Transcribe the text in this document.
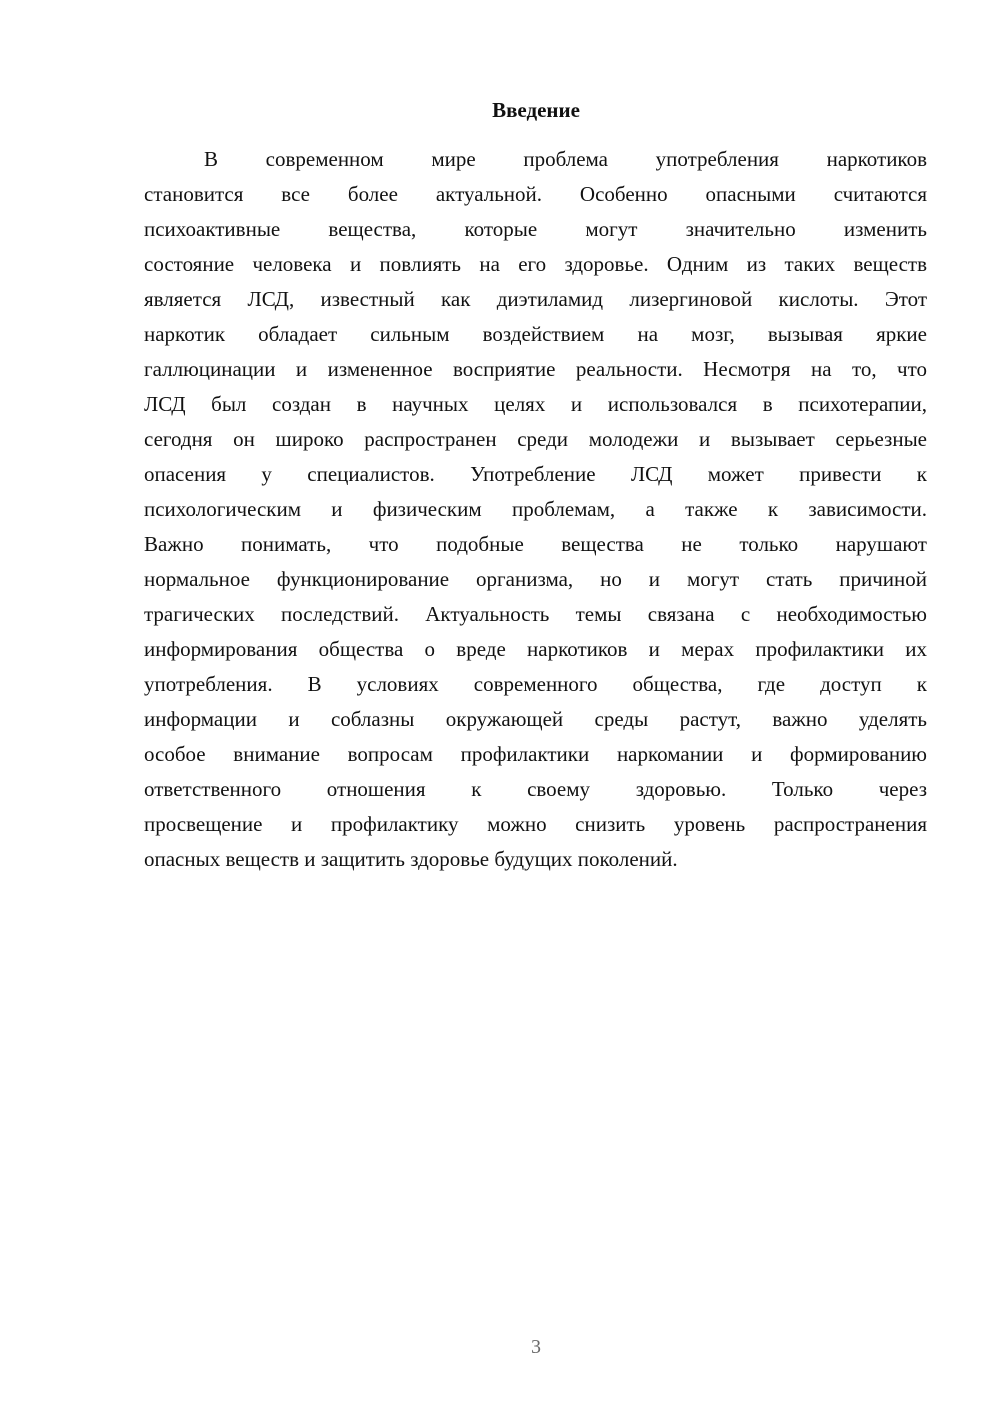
Введение
В современном мире проблема употребления наркотиков
становится все более актуальной. Особенно опасными считаются
психоактивные вещества, которые могут значительно изменить
состояние человека и повлиять на его здоровье. Одним из таких веществ
является ЛСД, известный как диэтиламид лизергиновой кислоты. Этот
наркотик обладает сильным воздействием на мозг, вызывая яркие
галлюцинации и измененное восприятие реальности. Несмотря на то, что
ЛСД был создан в научных целях и использовался в психотерапии,
сегодня он широко распространен среди молодежи и вызывает серьезные
опасения у специалистов. Употребление ЛСД может привести к
психологическим и физическим проблемам, а также к зависимости.
Важно понимать, что подобные вещества не только нарушают
нормальное функционирование организма, но и могут стать причиной
трагических последствий. Актуальность темы связана с необходимостью
информирования общества о вреде наркотиков и мерах профилактики их
употребления. В условиях современного общества, где доступ к
информации и соблазны окружающей среды растут, важно уделять
особое внимание вопросам профилактики наркомании и формированию
ответственного отношения к своему здоровью. Только через
просвещение и профилактику можно снизить уровень распространения
опасных веществ и защитить здоровье будущих поколений.
3
